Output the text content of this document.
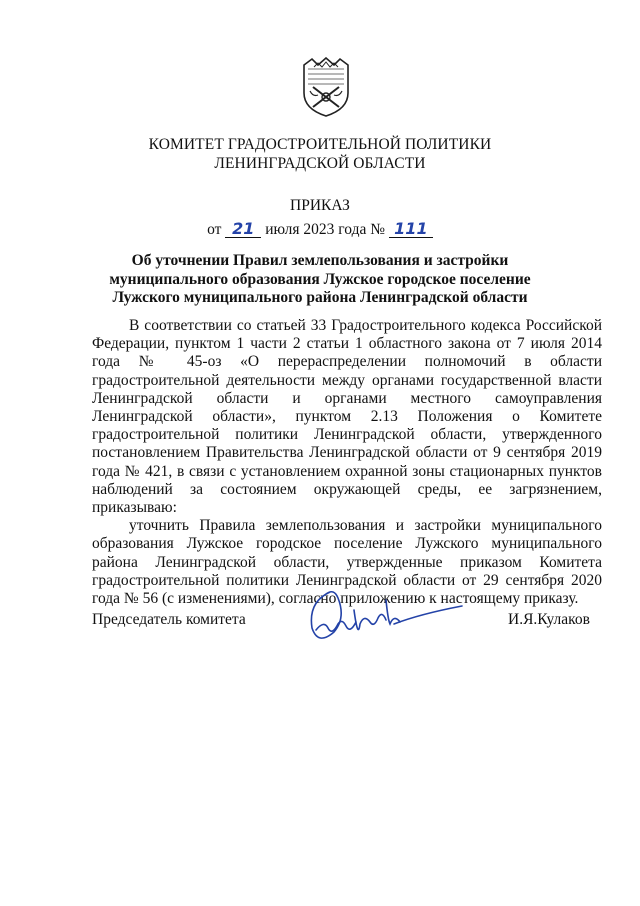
КОМИТЕТ ГРАДОСТРОИТЕЛЬНОЙ ПОЛИТИКИ
ЛЕНИНГРАДСКОЙ ОБЛАСТИ
ПРИКАЗ
от 21 июля 2023 года № 111
Об уточнении Правил землепользования и застройки
муниципального образования Лужское городское поселение
Лужского муниципального района Ленинградской области

В соответствии со статьей 33 Градостроительного кодекса Российской Федерации, пунктом 1 части 2 статьи 1 областного закона от 7 июля 2014 года № 45-оз «О перераспределении полномочий в области градостроительной деятельности между органами государственной власти Ленинградской области и органами местного самоуправления Ленинградской области», пунктом 2.13 Положения о Комитете градостроительной политики Ленинградской области, утвержденного постановлением Правительства Ленинградской области от 9 сентября 2019 года № 421, в связи с установлением охранной зоны стационарных пунктов наблюдений за состоянием окружающей среды, ее загрязнением, приказываю:

уточнить Правила землепользования и застройки муниципального образования Лужское городское поселение Лужского муниципального района Ленинградской области, утвержденные приказом Комитета градостроительной политики Ленинградской области от 29 сентября 2020 года № 56 (с изменениями), согласно приложению к настоящему приказу.

Председатель комитета	И.Я.Кулаков
